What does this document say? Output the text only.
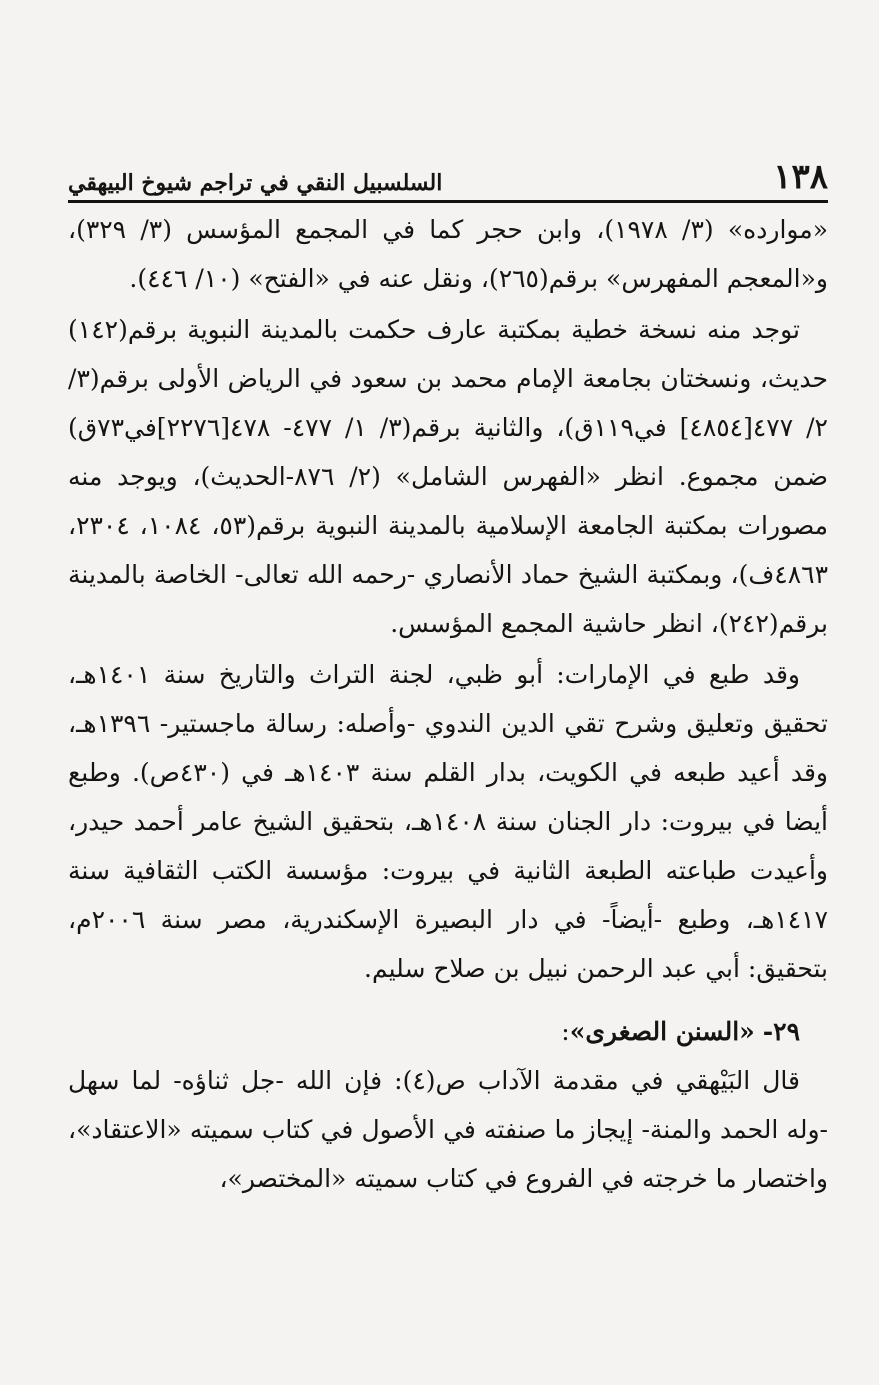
١٣٨
السلسبيل النقي في تراجم شيوخ البيهقي

«موارده» (٣/ ١٩٧٨)، وابن حجر كما في المجمع المؤسس (٣/ ٣٢٩)، و«المعجم المفهرس» برقم(٢٦٥)، ونقل عنه في «الفتح» (١٠/ ٤٤٦).

توجد منه نسخة خطية بمكتبة عارف حكمت بالمدينة النبوية برقم(١٤٢) حديث، ونسختان بجامعة الإمام محمد بن سعود في الرياض الأولى برقم(٣/ ٢/ ٤٧٧[٤٨٥٤] في١١٩ق)، والثانية برقم(٣/ ١/ ٤٧٧- ٤٧٨[٢٢٧٦]في٧٣ق) ضمن مجموع. انظر «الفهرس الشامل» (٢/ ٨٧٦-الحديث)، ويوجد منه مصورات بمكتبة الجامعة الإسلامية بالمدينة النبوية برقم(٥٣، ١٠٨٤، ٢٣٠٤، ٤٨٦٣ف)، وبمكتبة الشيخ حماد الأنصاري -رحمه الله تعالى- الخاصة بالمدينة برقم(٢٤٢)، انظر حاشية المجمع المؤسس.

وقد طبع في الإمارات: أبو ظبي، لجنة التراث والتاريخ سنة ١٤٠١هـ، تحقيق وتعليق وشرح تقي الدين الندوي -وأصله: رسالة ماجستير- ١٣٩٦هـ، وقد أعيد طبعه في الكويت، بدار القلم سنة ١٤٠٣هـ في (٤٣٠ص). وطبع أيضا في بيروت: دار الجنان سنة ١٤٠٨هـ، بتحقيق الشيخ عامر أحمد حيدر، وأعيدت طباعته الطبعة الثانية في بيروت: مؤسسة الكتب الثقافية سنة ١٤١٧هـ، وطبع -أيضاً- في دار البصيرة الإسكندرية، مصر سنة ٢٠٠٦م، بتحقيق: أبي عبد الرحمن نبيل بن صلاح سليم.

٢٩- «السنن الصغرى»:

قال البَيْهقي في مقدمة الآداب ص(٤): فإن الله -جل ثناؤه- لما سهل -وله الحمد والمنة- إيجاز ما صنفته في الأصول في كتاب سميته «الاعتقاد»، واختصار ما خرجته في الفروع في كتاب سميته «المختصر»،
